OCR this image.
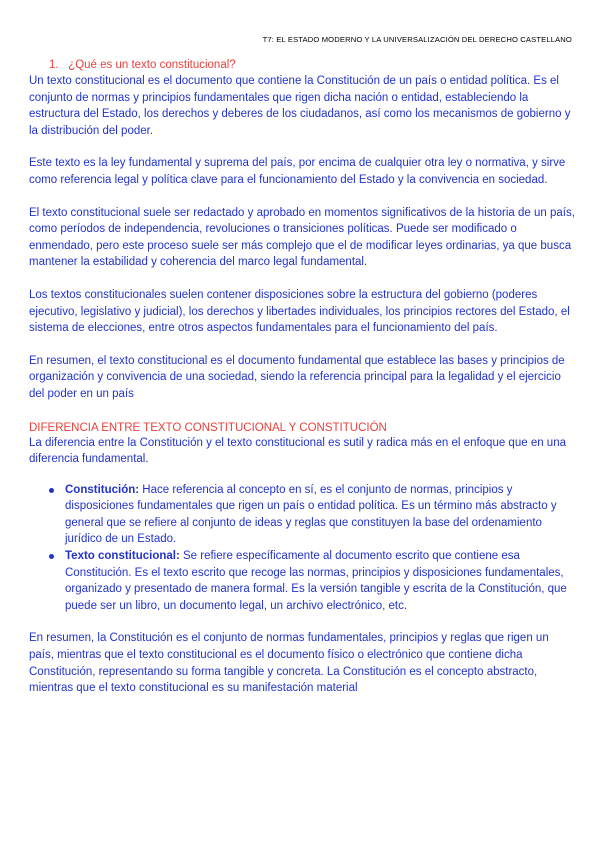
T7: EL ESTADO MODERNO Y LA UNIVERSALIZACIÓN DEL DERECHO CASTELLANO
1. ¿Qué es un texto constitucional?

Un texto constitucional es el documento que contiene la Constitución de un país o entidad política. Es el conjunto de normas y principios fundamentales que rigen dicha nación o entidad, estableciendo la estructura del Estado, los derechos y deberes de los ciudadanos, así como los mecanismos de gobierno y la distribución del poder.

Este texto es la ley fundamental y suprema del país, por encima de cualquier otra ley o normativa, y sirve como referencia legal y política clave para el funcionamiento del Estado y la convivencia en sociedad.

El texto constitucional suele ser redactado y aprobado en momentos significativos de la historia de un país, como períodos de independencia, revoluciones o transiciones políticas. Puede ser modificado o enmendado, pero este proceso suele ser más complejo que el de modificar leyes ordinarias, ya que busca mantener la estabilidad y coherencia del marco legal fundamental.

Los textos constitucionales suelen contener disposiciones sobre la estructura del gobierno (poderes ejecutivo, legislativo y judicial), los derechos y libertades individuales, los principios rectores del Estado, el sistema de elecciones, entre otros aspectos fundamentales para el funcionamiento del país.

En resumen, el texto constitucional es el documento fundamental que establece las bases y principios de organización y convivencia de una sociedad, siendo la referencia principal para la legalidad y el ejercicio del poder en un país

DIFERENCIA ENTRE TEXTO CONSTITUCIONAL Y CONSTITUCIÓN

La diferencia entre la Constitución y el texto constitucional es sutil y radica más en el enfoque que en una diferencia fundamental.

Constitución: Hace referencia al concepto en sí, es el conjunto de normas, principios y disposiciones fundamentales que rigen un país o entidad política. Es un término más abstracto y general que se refiere al conjunto de ideas y reglas que constituyen la base del ordenamiento jurídico de un Estado.
Texto constitucional: Se refiere específicamente al documento escrito que contiene esa Constitución. Es el texto escrito que recoge las normas, principios y disposiciones fundamentales, organizado y presentado de manera formal. Es la versión tangible y escrita de la Constitución, que puede ser un libro, un documento legal, un archivo electrónico, etc.

En resumen, la Constitución es el conjunto de normas fundamentales, principios y reglas que rigen un país, mientras que el texto constitucional es el documento físico o electrónico que contiene dicha Constitución, representando su forma tangible y concreta. La Constitución es el concepto abstracto, mientras que el texto constitucional es su manifestación material
